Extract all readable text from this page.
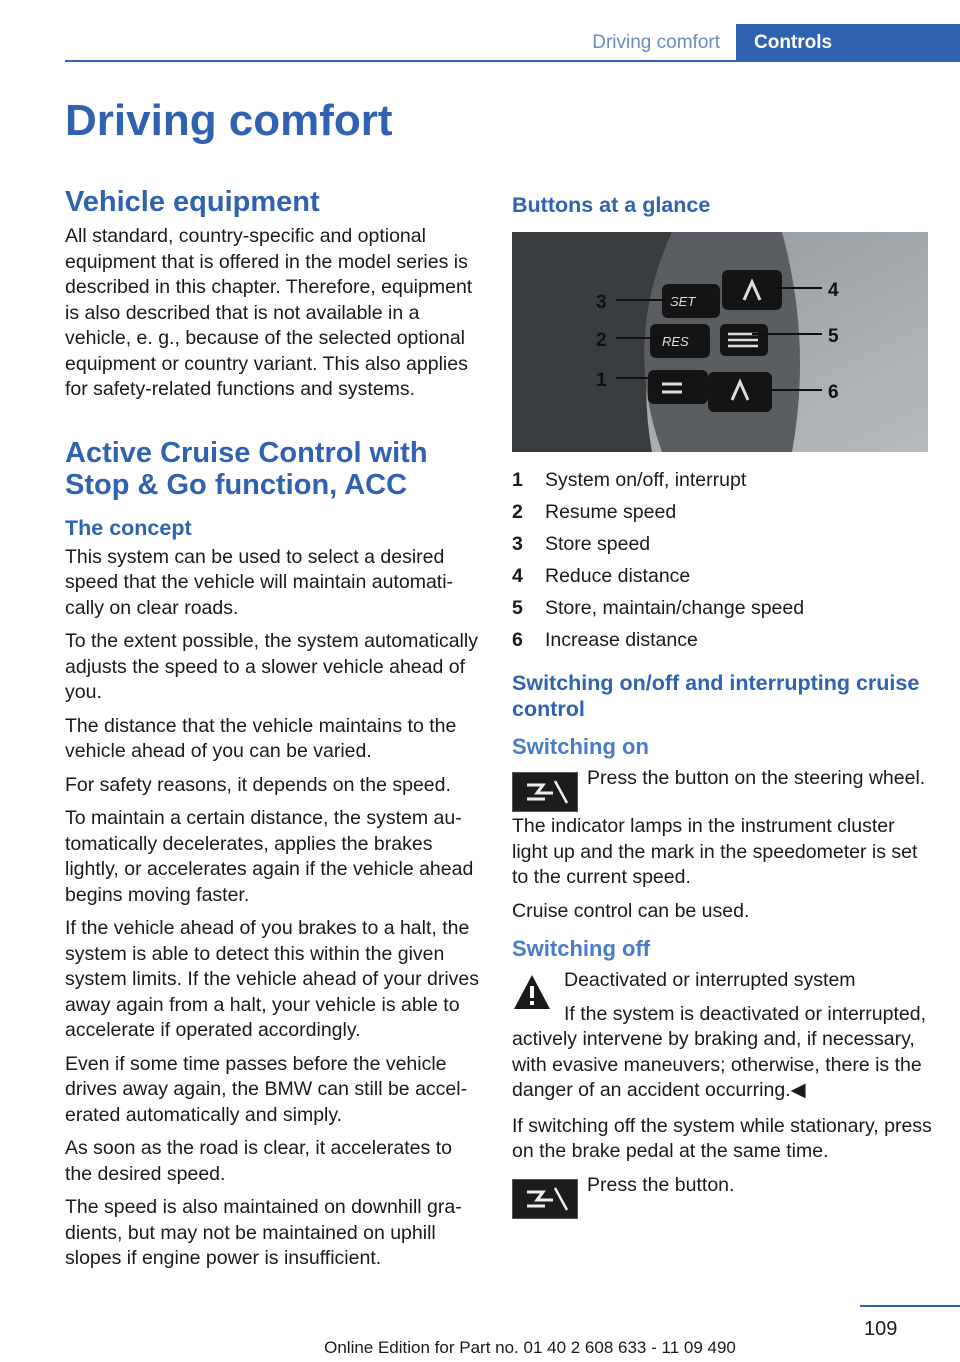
Driving comfort	Controls
Driving comfort
Vehicle equipment

All standard, country-specific and optional equipment that is offered in the model series is described in this chapter. Therefore, equipment is also described that is not available in a vehicle, e. g., because of the selected optional equipment or country variant. This also applies for safety-related functions and systems.

Active Cruise Control with Stop & Go function, ACC
The concept

This system can be used to select a desired speed that the vehicle will maintain automatically on clear roads.

To the extent possible, the system automatically adjusts the speed to a slower vehicle ahead of you.

The distance that the vehicle maintains to the vehicle ahead of you can be varied.

For safety reasons, it depends on the speed.

To maintain a certain distance, the system automatically decelerates, applies the brakes lightly, or accelerates again if the vehicle ahead begins moving faster.

If the vehicle ahead of you brakes to a halt, the system is able to detect this within the given system limits. If the vehicle ahead of your drives away again from a halt, your vehicle is able to accelerate if operated accordingly.

Even if some time passes before the vehicle drives away again, the BMW can still be accelerated automatically and simply.

As soon as the road is clear, it accelerates to the desired speed.

The speed is also maintained on downhill gradients, but may not be maintained on uphill slopes if engine power is insufficient.

Buttons at a glance
SET
RES
3
2
1
4
5
6
1	System on/off, interrupt
2	Resume speed
3	Store speed
4	Reduce distance
5	Store, maintain/change speed
6	Increase distance
Switching on/off and interrupting cruise control
Switching on

Press the button on the steering wheel.

The indicator lamps in the instrument cluster light up and the mark in the speedometer is set to the current speed.

Cruise control can be used.

Switching off

Deactivated or interrupted system

If the system is deactivated or interrupted, actively intervene by braking and, if necessary, with evasive maneuvers; otherwise, there is the danger of an accident occurring.◀

If switching off the system while stationary, press on the brake pedal at the same time.

Press the button.

109
Online Edition for Part no. 01 40 2 608 633 - 11 09 490
